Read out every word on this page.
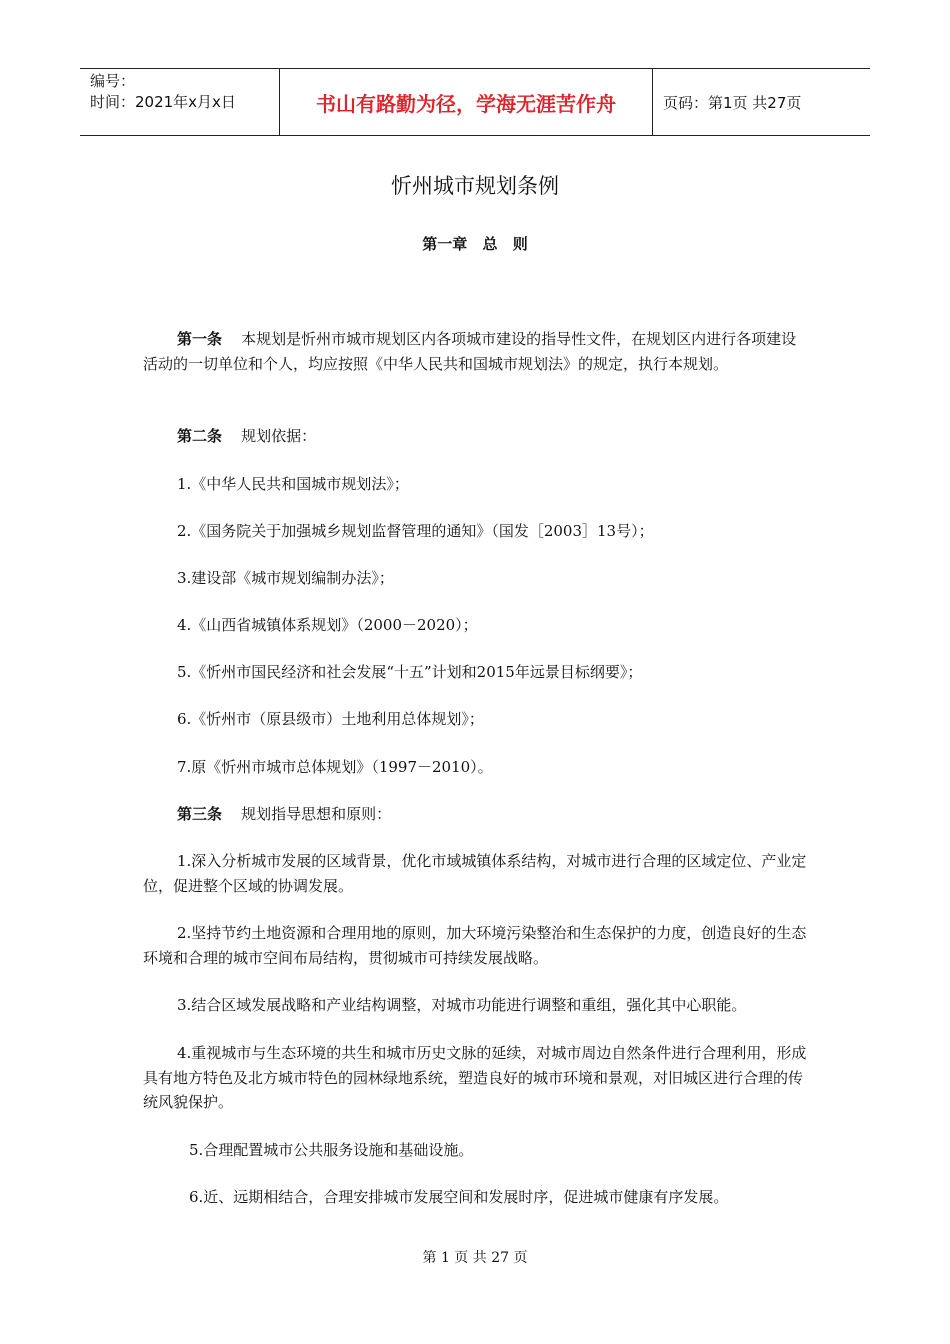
编号：
时间：2021年x月x日	书山有路勤为径，学海无涯苦作舟	页码：第1页 共27页
忻州城市规划条例
第一章 总 则
第一条 本规划是忻州市城市规划区内各项城市建设的指导性文件，在规划区内进行各项建设活动的一切单位和个人，均应按照《中华人民共和国城市规划法》的规定，执行本规划。
第二条 规划依据：
1.《中华人民共和国城市规划法》；
2.《国务院关于加强城乡规划监督管理的通知》（国发［2003］13号）；
3.建设部《城市规划编制办法》；
4.《山西省城镇体系规划》（2000－2020）；
5.《忻州市国民经济和社会发展“十五”计划和2015年远景目标纲要》；
6.《忻州市（原县级市）土地利用总体规划》；
7.原《忻州市城市总体规划》（1997－2010）。
第三条 规划指导思想和原则：
1.深入分析城市发展的区域背景，优化市域城镇体系结构，对城市进行合理的区域定位、产业定位，促进整个区域的协调发展。
2.坚持节约土地资源和合理用地的原则，加大环境污染整治和生态保护的力度，创造良好的生态环境和合理的城市空间布局结构，贯彻城市可持续发展战略。
3.结合区域发展战略和产业结构调整，对城市功能进行调整和重组，强化其中心职能。
4.重视城市与生态环境的共生和城市历史文脉的延续，对城市周边自然条件进行合理利用，形成具有地方特色及北方城市特色的园林绿地系统，塑造良好的城市环境和景观，对旧城区进行合理的传统风貌保护。
5.合理配置城市公共服务设施和基础设施。
6.近、远期相结合，合理安排城市发展空间和发展时序，促进城市健康有序发展。
第 1 页 共 27 页
